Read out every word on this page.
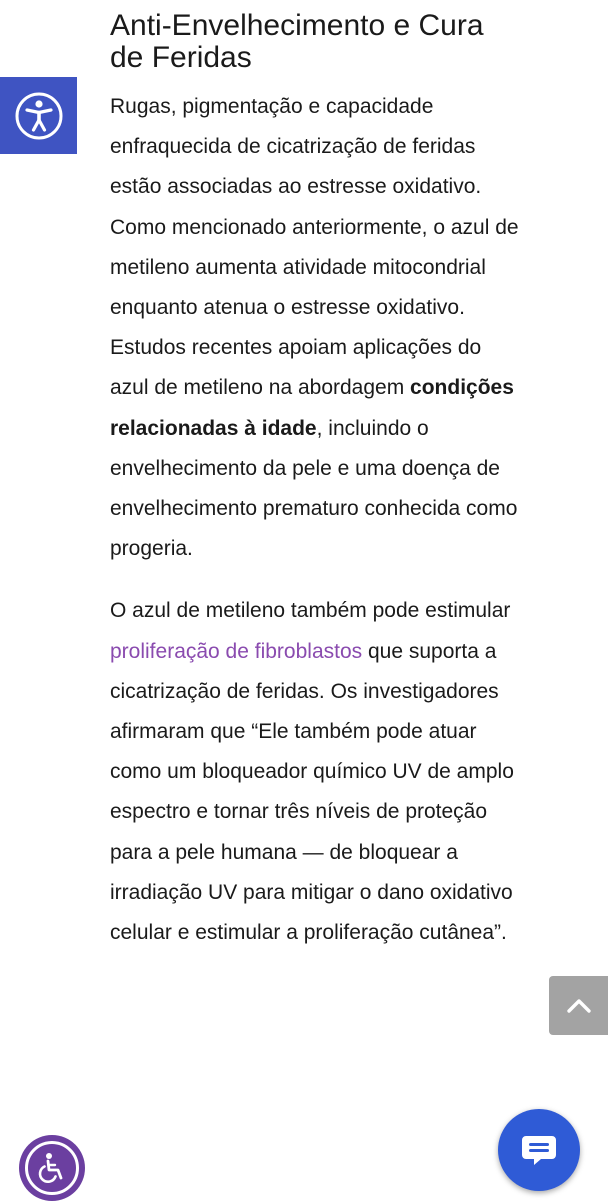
Anti-Envelhecimento e Cura de Feridas

Rugas, pigmentação e capacidade enfraquecida de cicatrização de feridas estão associadas ao estresse oxidativo. Como mencionado anteriormente, o azul de metileno aumenta atividade mitocondrial enquanto atenua o estresse oxidativo. Estudos recentes apoiam aplicações do azul de metileno na abordagem condições relacionadas à idade, incluindo o envelhecimento da pele e uma doença de envelhecimento prematuro conhecida como progeria.

O azul de metileno também pode estimular proliferação de fibroblastos que suporta a cicatrização de feridas. Os investigadores afirmaram que “Ele também pode atuar como um bloqueador químico UV de amplo espectro e tornar três níveis de proteção para a pele humana — de bloquear a irradiação UV para mitigar o dano oxidativo celular e estimular a proliferação cutânea”.
